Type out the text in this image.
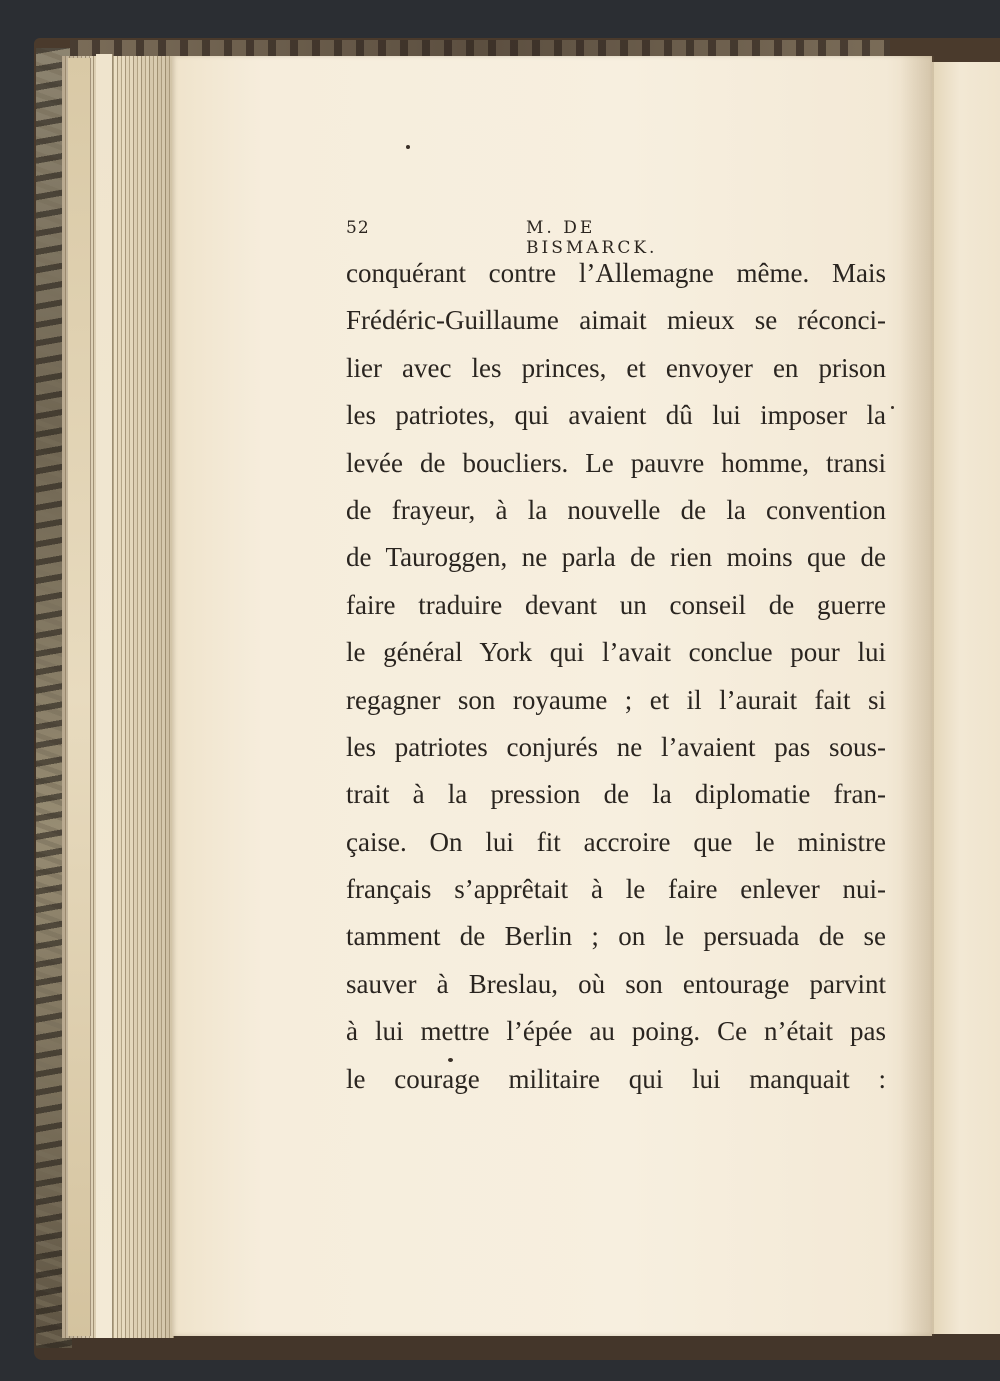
52	M. DE BISMARCK.
conquérant contre l’Allemagne même. Mais
Frédéric-Guillaume aimait mieux se réconci-
lier avec les princes, et envoyer en prison
les patriotes, qui avaient dû lui imposer la
levée de boucliers. Le pauvre homme, transi
de frayeur, à la nouvelle de la convention
de Tauroggen, ne parla de rien moins que de
faire traduire devant un conseil de guerre
le général York qui l’avait conclue pour lui
regagner son royaume ; et il l’aurait fait si
les patriotes conjurés ne l’avaient pas sous-
trait à la pression de la diplomatie fran-
çaise. On lui fit accroire que le ministre
français s’apprêtait à le faire enlever nui-
tamment de Berlin ; on le persuada de se
sauver à Breslau, où son entourage parvint
à lui mettre l’épée au poing. Ce n’était pas
le courage militaire qui lui manquait :
